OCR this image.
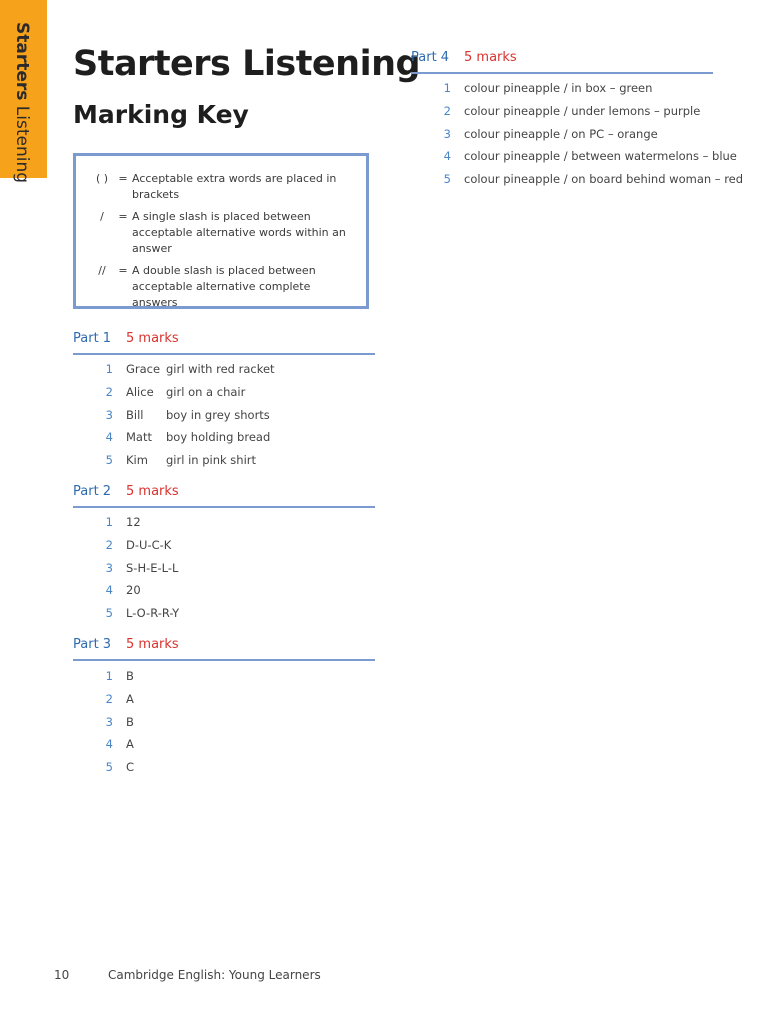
Starters Listening
Starters Listening
Marking Key
( ) = Acceptable extra words are placed in brackets
/	= A single slash is placed between acceptable alternative words within an answer
//	= A double slash is placed between acceptable alternative complete answers
Part 1 5 marks
1 Grace girl with red racket
2 Alice girl on a chair
3 Bill boy in grey shorts
4 Matt boy holding bread
5 Kim girl in pink shirt
Part 2 5 marks
1 12
2 D-U-C-K
3 S-H-E-L-L
4 20
5 L-O-R-R-Y
Part 3 5 marks
1 B
2 A
3 B
4 A
5 C
Part 4 5 marks
1 colour pineapple / in box – green
2 colour pineapple / under lemons – purple
3 colour pineapple / on PC – orange
4 colour pineapple / between watermelons – blue
5 colour pineapple / on board behind woman – red
10	Cambridge English: Young Learners
